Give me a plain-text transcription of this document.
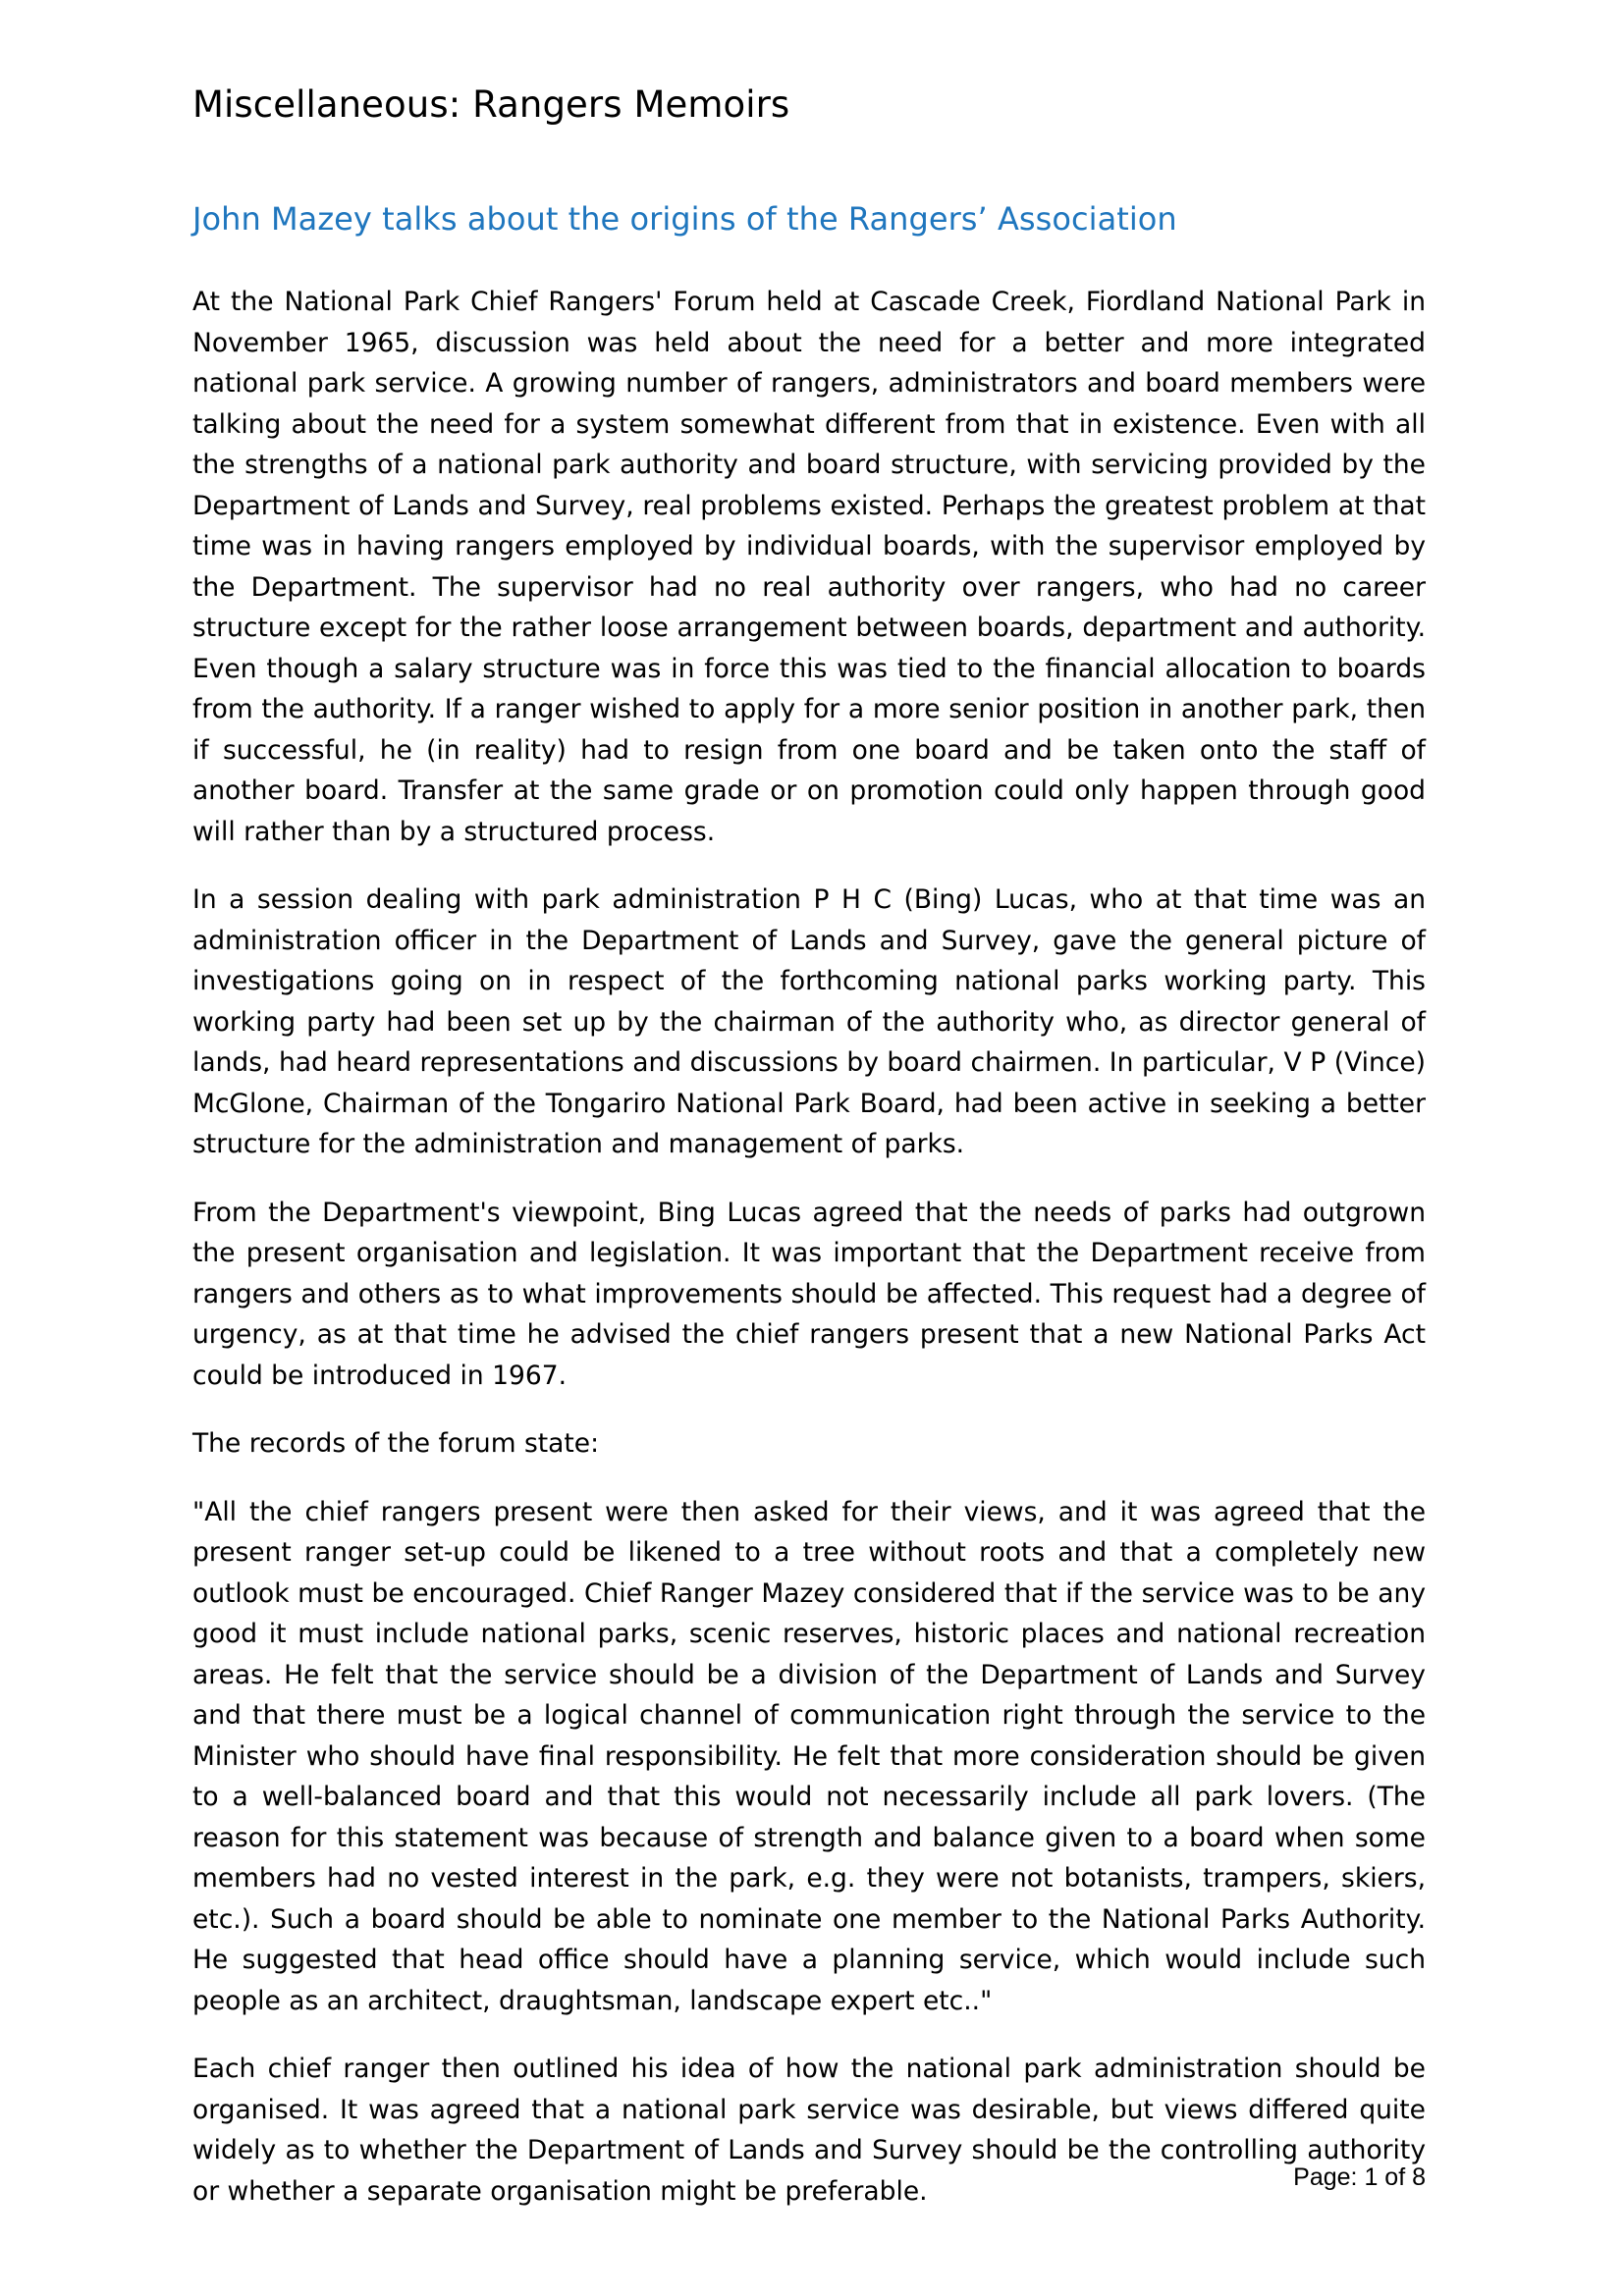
Miscellaneous: Rangers Memoirs
John Mazey talks about the origins of the Rangers’ Association

At the National Park Chief Rangers' Forum held at Cascade Creek, Fiordland National Park in November 1965, discussion was held about the need for a better and more integrated national park service. A growing number of rangers, administrators and board members were talking about the need for a system somewhat different from that in existence. Even with all the strengths of a national park authority and board structure, with servicing provided by the Department of Lands and Survey, real problems existed. Perhaps the greatest problem at that time was in having rangers employed by individual boards, with the supervisor employed by the Department. The supervisor had no real authority over rangers, who had no career structure except for the rather loose arrangement between boards, department and authority. Even though a salary structure was in force this was tied to the financial allocation to boards from the authority. If a ranger wished to apply for a more senior position in another park, then if successful, he (in reality) had to resign from one board and be taken onto the staff of another board. Transfer at the same grade or on promotion could only happen through good will rather than by a structured process.

In a session dealing with park administration P H C (Bing) Lucas, who at that time was an administration officer in the Department of Lands and Survey, gave the general picture of investigations going on in respect of the forthcoming national parks working party. This working party had been set up by the chairman of the authority who, as director general of lands, had heard representations and discussions by board chairmen. In particular, V P (Vince) McGlone, Chairman of the Tongariro National Park Board, had been active in seeking a better structure for the administration and management of parks.

From the Department's viewpoint, Bing Lucas agreed that the needs of parks had outgrown the present organisation and legislation. It was important that the Department receive from rangers and others as to what improvements should be affected. This request had a degree of urgency, as at that time he advised the chief rangers present that a new National Parks Act could be introduced in 1967.

The records of the forum state:

"All the chief rangers present were then asked for their views, and it was agreed that the present ranger set-up could be likened to a tree without roots and that a completely new outlook must be encouraged. Chief Ranger Mazey considered that if the service was to be any good it must include national parks, scenic reserves, historic places and national recreation areas. He felt that the service should be a division of the Department of Lands and Survey and that there must be a logical channel of communication right through the service to the Minister who should have final responsibility. He felt that more consideration should be given to a well-balanced board and that this would not necessarily include all park lovers. (The reason for this statement was because of strength and balance given to a board when some members had no vested interest in the park, e.g. they were not botanists, trampers, skiers, etc.). Such a board should be able to nominate one member to the National Parks Authority. He suggested that head office should have a planning service, which would include such people as an architect, draughtsman, landscape expert etc.."

Each chief ranger then outlined his idea of how the national park administration should be organised. It was agreed that a national park service was desirable, but views differed quite widely as to whether the Department of Lands and Survey should be the controlling authority or whether a separate organisation might be preferable.	Page: 1 of 8
